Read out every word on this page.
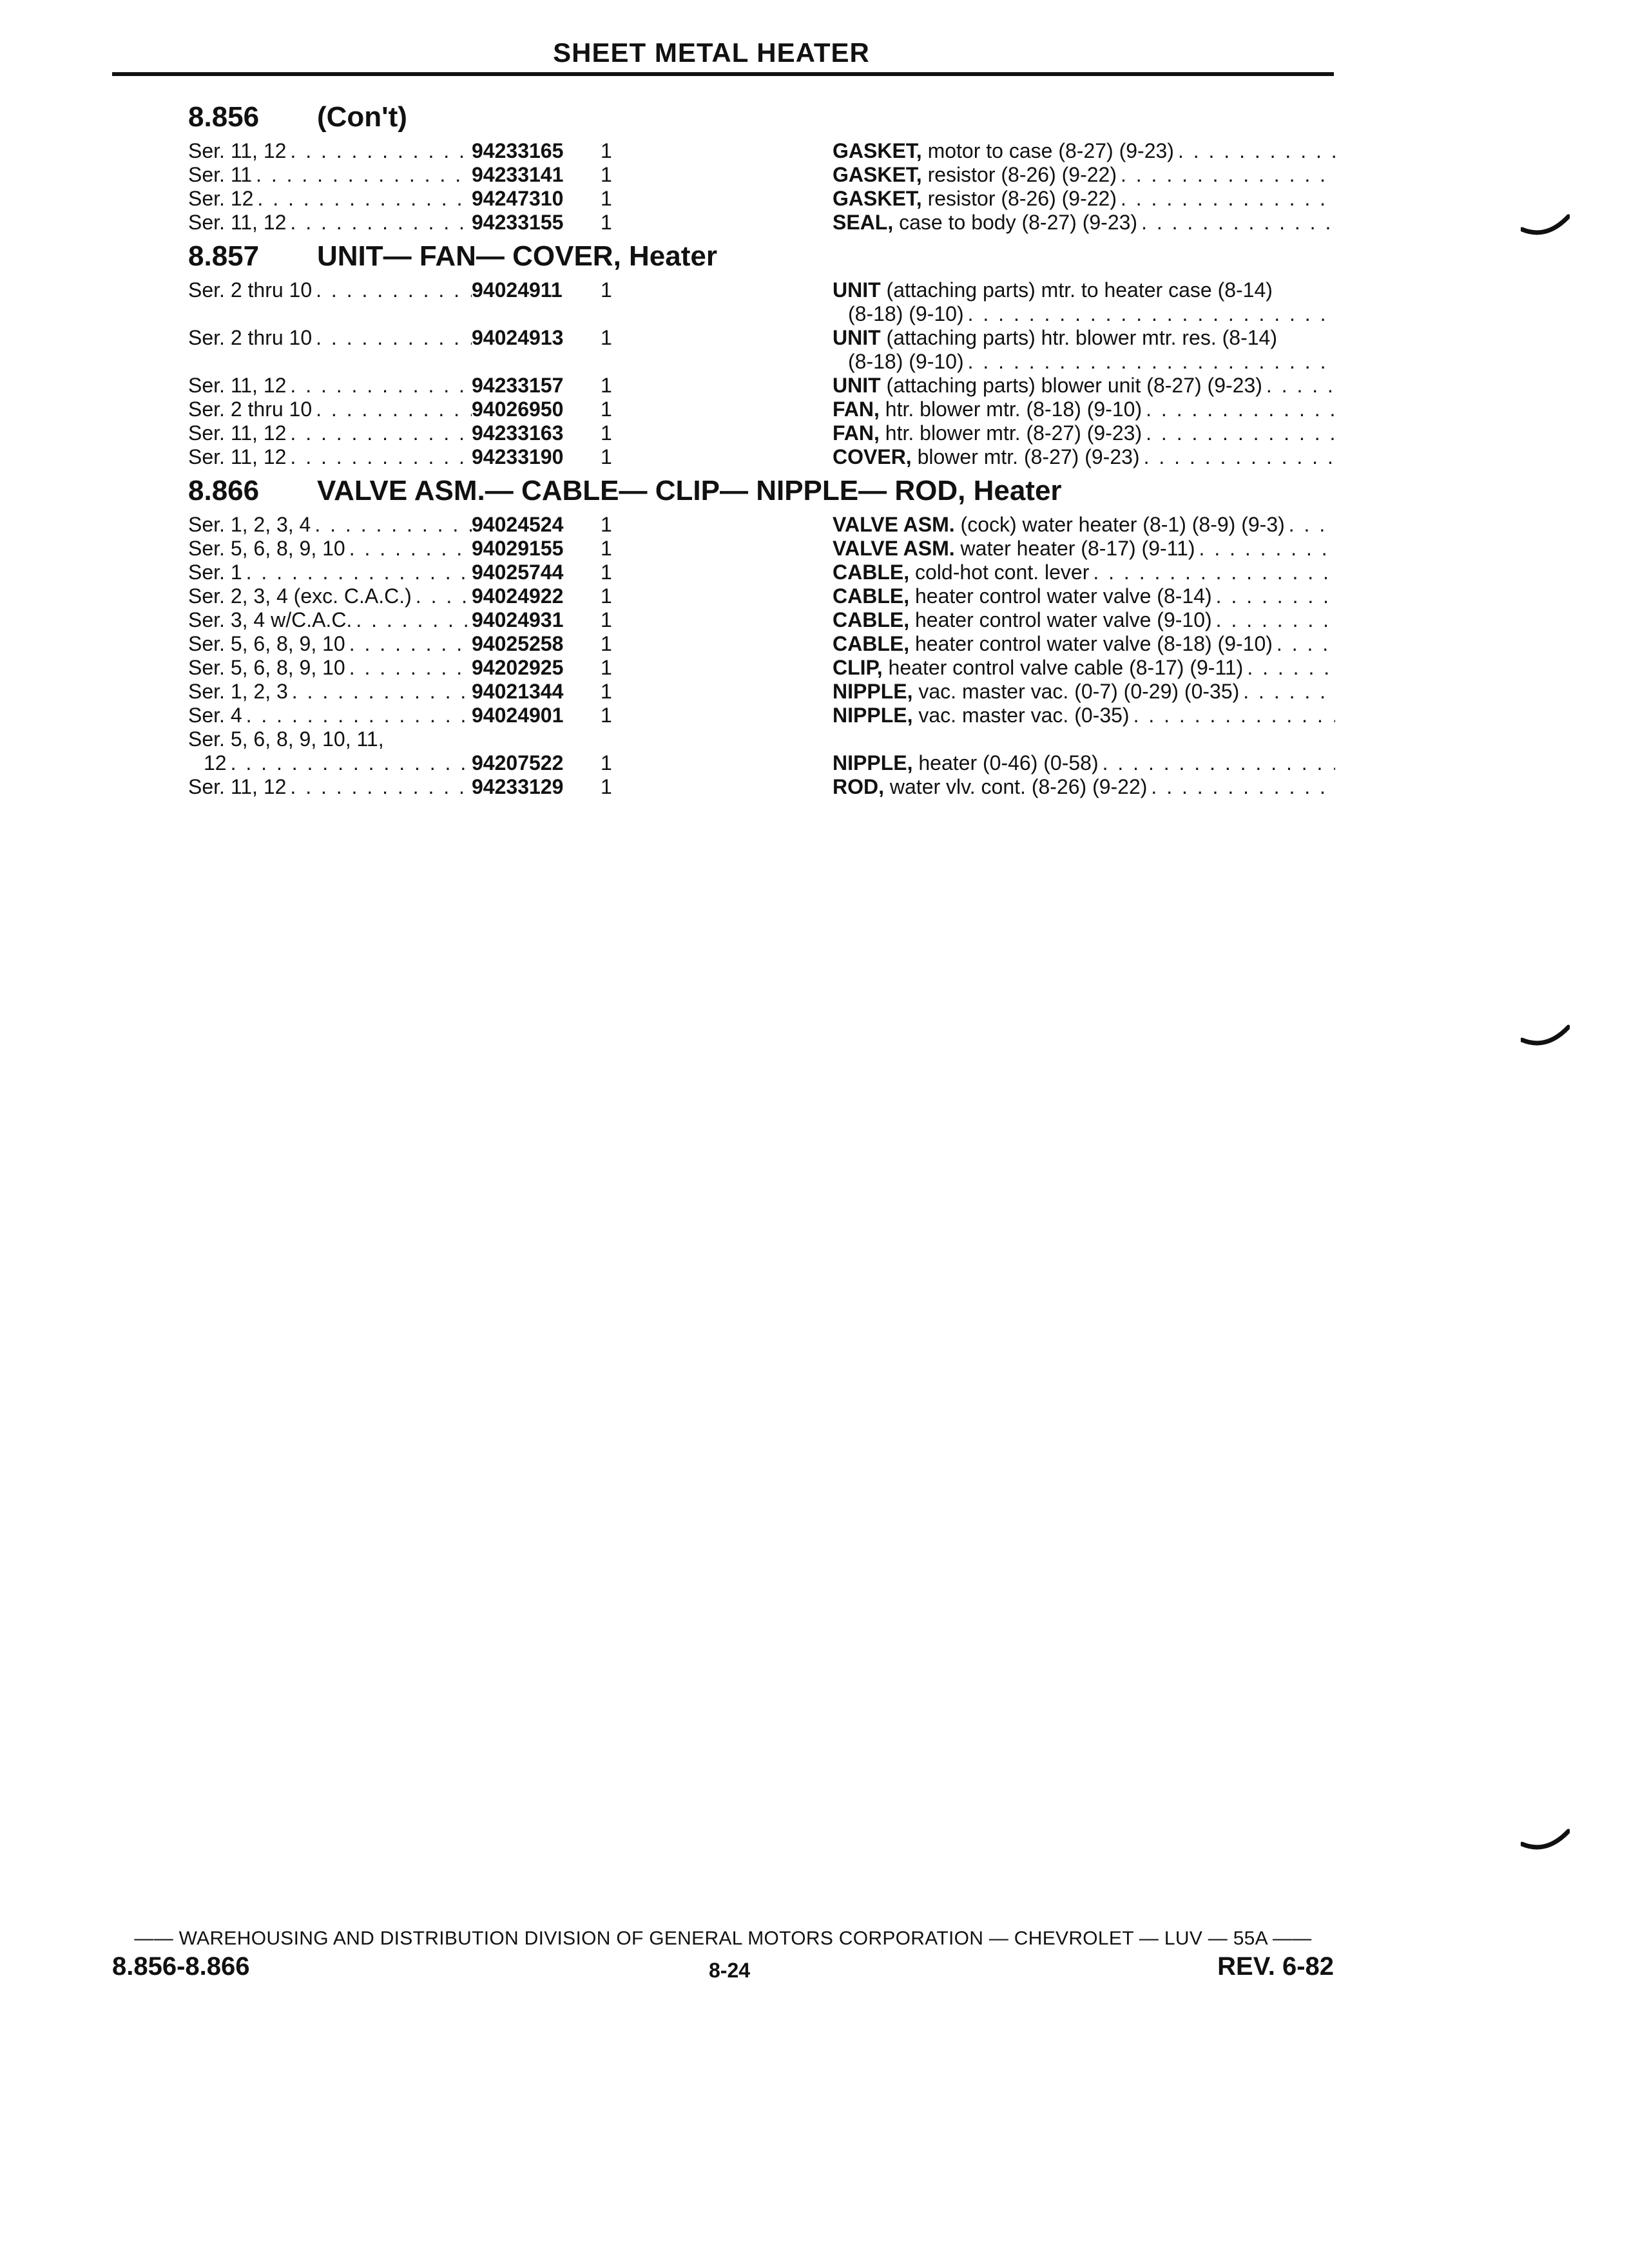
SHEET METAL HEATER
8.856	(Con't)
Ser. 11, 12 . . .	94233165	1	GASKET, motor to case (8-27) (9-23)
. . .
Ser. 11 . . .	94233141	1	GASKET, resistor (8-26) (9-22)
. . .
Ser. 12 . . .	94247310	1	GASKET, resistor (8-26) (9-22)
. . .
Ser. 11, 12 . . .	94233155	1	SEAL, case to body (8-27) (9-23)
. . .
8.857	UNIT— FAN— COVER, Heater
Ser. 2 thru 10 . . .	94024911	1	UNIT (attaching parts) mtr. to heater case (8-14)
(8-18) (9-10)
. . .
Ser. 2 thru 10 . . .	94024913	1	UNIT (attaching parts) htr. blower mtr. res. (8-14)
(8-18) (9-10)
. . .
Ser. 11, 12 . . .	94233157	1	UNIT (attaching parts) blower unit (8-27) (9-23)
. . .
Ser. 2 thru 10 . . .	94026950	1	FAN, htr. blower mtr. (8-18) (9-10)
. . .
Ser. 11, 12 . . .	94233163	1	FAN, htr. blower mtr. (8-27) (9-23)
. . .
Ser. 11, 12 . . .	94233190	1	COVER, blower mtr. (8-27) (9-23)
. . .
8.866	VALVE ASM.— CABLE— CLIP— NIPPLE— ROD, Heater
Ser. 1, 2, 3, 4 . . .	94024524	1	VALVE ASM. (cock) water heater (8-1) (8-9) (9-3)
. . .
Ser. 5, 6, 8, 9, 10 . . .	94029155	1	VALVE ASM. water heater (8-17) (9-11)
. . .
Ser. 1 . . .	94025744	1	CABLE, cold-hot cont. lever
. . .
Ser. 2, 3, 4 (exc. C.A.C.) . . .	94024922	1	CABLE, heater control water valve (8-14)
. . .
Ser. 3, 4 w/C.A.C. . . .	94024931	1	CABLE, heater control water valve (9-10)
. . .
Ser. 5, 6, 8, 9, 10 . . .	94025258	1	CABLE, heater control water valve (8-18) (9-10)
. . .
Ser. 5, 6, 8, 9, 10 . . .	94202925	1	CLIP, heater control valve cable (8-17) (9-11)
. . .
Ser. 1, 2, 3 . . .	94021344	1	NIPPLE, vac. master vac. (0-7) (0-29) (0-35)
. . .
Ser. 4 . . .	94024901	1	NIPPLE, vac. master vac. (0-35)
. . .
Ser. 5, 6, 8, 9, 10, 11,
12 . . .	94207522	1	NIPPLE, heater (0-46) (0-58)
. . .
Ser. 11, 12 . . .	94233129	1	ROD, water vlv. cont. (8-26) (9-22)
. . .
—— WAREHOUSING AND DISTRIBUTION DIVISION OF GENERAL MOTORS CORPORATION — CHEVROLET — LUV — 55A ——
8.856-8.866	8-24	REV. 6-82
